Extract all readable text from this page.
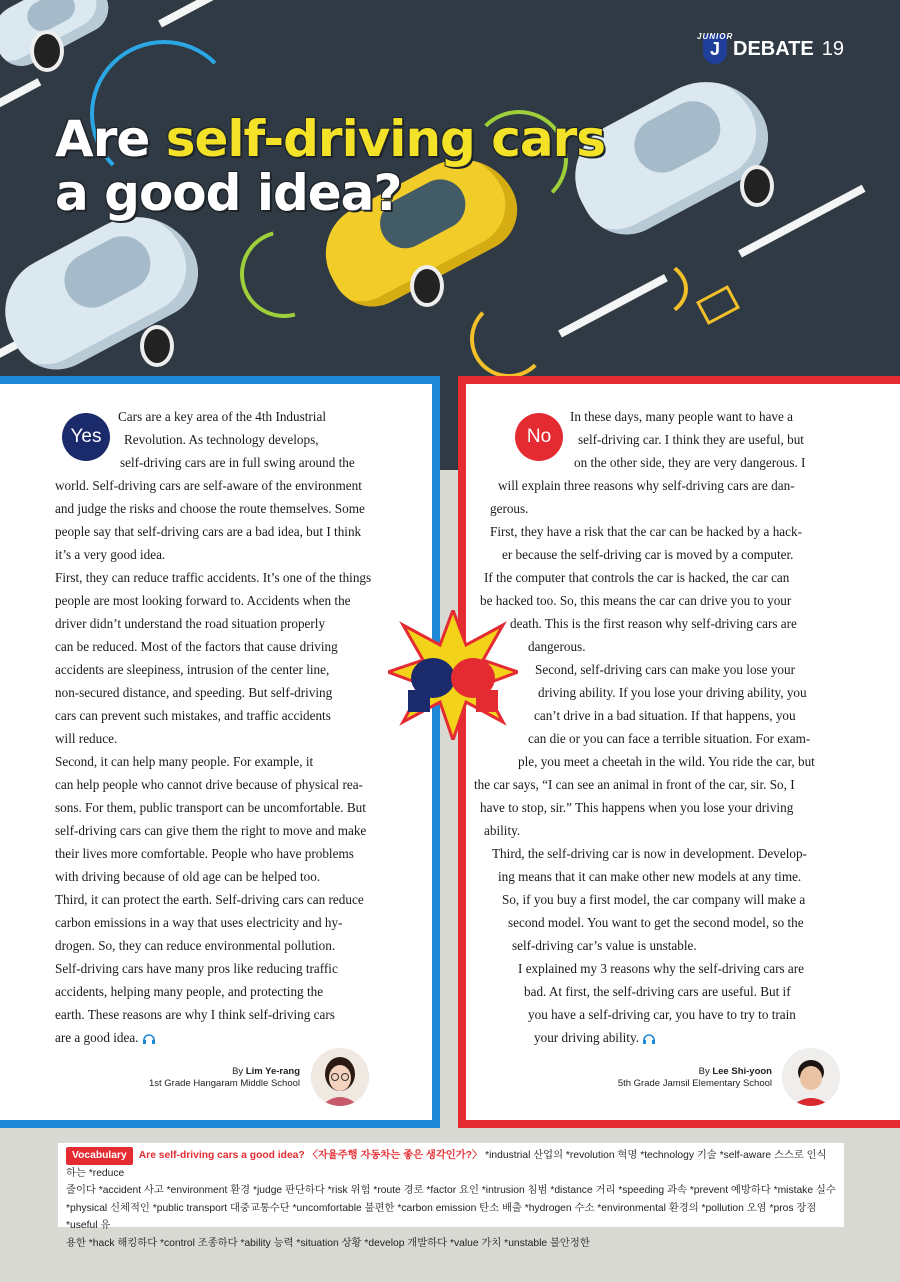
Are self-driving cars
a good idea?
JUNIOR
J DEBATE 19
Yes

Cars are a key area of the 4th Industrial

Revolution. As technology develops,

self-driving cars are in full swing around the

world. Self-driving cars are self-aware of the environment

and judge the risks and choose the route themselves. Some

people say that self-driving cars are a bad idea, but I think

it’s a very good idea.

First, they can reduce traffic accidents. It’s one of the things

people are most looking forward to. Accidents when the

driver didn’t understand the road situation properly

can be reduced. Most of the factors that cause driving

accidents are sleepiness, intrusion of the center line,

non-secured distance, and speeding. But self-driving

cars can prevent such mistakes, and traffic accidents

will reduce.

Second, it can help many people. For example, it

can help people who cannot drive because of physical rea-

sons. For them, public transport can be uncomfortable. But

self-driving cars can give them the right to move and make

their lives more comfortable. People who have problems

with driving because of old age can be helped too.

Third, it can protect the earth. Self-driving cars can reduce

carbon emissions in a way that uses electricity and hy-

drogen. So, they can reduce environmental pollution.

Self-driving cars have many pros like reducing traffic

accidents, helping many people, and protecting the

earth. These reasons are why I think self-driving cars

are a good idea.

By Lim Ye-rang
1st Grade Hangaram Middle School
No

In these days, many people want to have a

self-driving car. I think they are useful, but

on the other side, they are very dangerous. I

will explain three reasons why self-driving cars are dan-

gerous.

First, they have a risk that the car can be hacked by a hack-

er because the self-driving car is moved by a computer.

If the computer that controls the car is hacked, the car can

be hacked too. So, this means the car can drive you to your

death. This is the first reason why self-driving cars are

dangerous.

Second, self-driving cars can make you lose your

driving ability. If you lose your driving ability, you

can’t drive in a bad situation. If that happens, you

can die or you can face a terrible situation. For exam-

ple, you meet a cheetah in the wild. You ride the car, but

the car says, “I can see an animal in front of the car, sir. So, I

have to stop, sir.” This happens when you lose your driving

ability.

Third, the self-driving car is now in development. Develop-

ing means that it can make other new models at any time.

So, if you buy a first model, the car company will make a

second model. You want to get the second model, so the

self-driving car’s value is unstable.

I explained my 3 reasons why the self-driving cars are

bad. At first, the self-driving cars are useful. But if

you have a self-driving car, you have to try to train

your driving ability.

By Lee Shi-yoon
5th Grade Jamsil Elementary School
Vocabulary Are self-driving cars a good idea? 〈자율주행 자동차는 좋은 생각인가?〉 *industrial 산업의 *revolution 혁명 *technology 기술 *self-aware 스스로 인식하는 *reduce
줄이다 *accident 사고 *environment 환경 *judge 판단하다 *risk 위험 *route 경로 *factor 요인 *intrusion 침범 *distance 거리 *speeding 과속 *prevent 예방하다 *mistake 실수
*physical 신체적인 *public transport 대중교통수단 *uncomfortable 불편한 *carbon emission 탄소 배출 *hydrogen 수소 *environmental 환경의 *pollution 오염 *pros 장점 *useful 유
용한 *hack 해킹하다 *control 조종하다 *ability 능력 *situation 상황 *develop 개발하다 *value 가치 *unstable 불안정한
